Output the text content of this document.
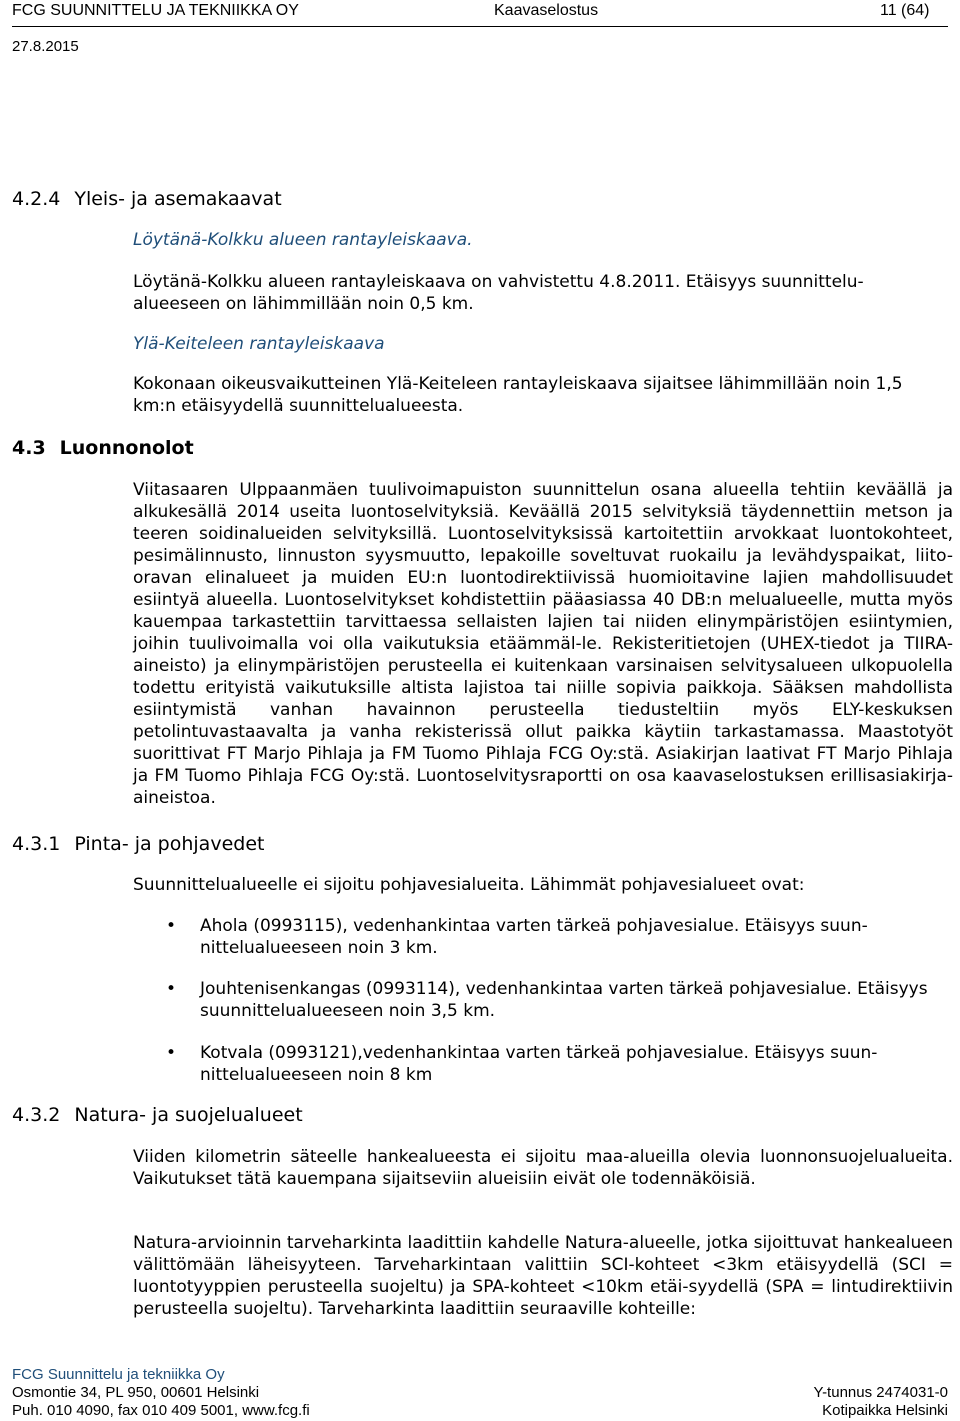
FCG SUUNNITTELU JA TEKNIIKKA OY	Kaavaselostus	11 (64)
27.8.2015
4.2.4 Yleis- ja asemakaavat
Löytänä-Kolkku alueen rantayleiskaava.
Löytänä-Kolkku alueen rantayleiskaava on vahvistettu 4.8.2011. Etäisyys suunnittelu-alueeseen on lähimmillään noin 0,5 km.
Ylä-Keiteleen rantayleiskaava
Kokonaan oikeusvaikutteinen Ylä-Keiteleen rantayleiskaava sijaitsee lähimmillään noin 1,5 km:n etäisyydellä suunnittelualueesta.
4.3 Luonnonolot
Viitasaaren Ulppaanmäen tuulivoimapuiston suunnittelun osana alueella tehtiin keväällä ja alkukesällä 2014 useita luontoselvityksiä. Keväällä 2015 selvityksiä täydennettiin metson ja teeren soidinalueiden selvityksillä. Luontoselvityksissä kartoitettiin arvokkaat luontokohteet, pesimälinnusto, linnuston syysmuutto, lepakoille soveltuvat ruokailu ja levähdyspaikat, liito-oravan elinalueet ja muiden EU:n luontodirektiivissä huomioitavine lajien mahdollisuudet esiintyä alueella. Luontoselvitykset kohdistettiin pääasiassa 40 DB:n melualueelle, mutta myös kauempaa tarkastettiin tarvittaessa sellaisten lajien tai niiden elinympäristöjen esiintymien, joihin tuulivoimalla voi olla vaikutuksia etäämmäl-le. Rekisteritietojen (UHEX-tiedot ja TIIRA-aineisto) ja elinympäristöjen perusteella ei kuitenkaan varsinaisen selvitysalueen ulkopuolella todettu erityistä vaikutuksille altista lajistoa tai niille sopivia paikkoja. Sääksen mahdollista esiintymistä vanhan havainnon perusteella tiedusteltiin myös ELY-keskuksen petolintuvastaavalta ja vanha rekisterissä ollut paikka käytiin tarkastamassa. Maastotyöt suorittivat FT Marjo Pihlaja ja FM Tuomo Pihlaja FCG Oy:stä. Asiakirjan laativat FT Marjo Pihlaja ja FM Tuomo Pihlaja FCG Oy:stä. Luontoselvitysraportti on osa kaavaselostuksen erillisasiakirja-aineistoa.
4.3.1 Pinta- ja pohjavedet
Suunnittelualueelle ei sijoitu pohjavesialueita. Lähimmät pohjavesialueet ovat:
• Ahola (0993115), vedenhankintaa varten tärkeä pohjavesialue. Etäisyys suun-nittelualueeseen noin 3 km.
• Jouhtenisenkangas (0993114), vedenhankintaa varten tärkeä pohjavesialue. Etäisyys suunnittelualueeseen noin 3,5 km.
• Kotvala (0993121),vedenhankintaa varten tärkeä pohjavesialue. Etäisyys suun-nittelualueeseen noin 8 km
4.3.2 Natura- ja suojelualueet
Viiden kilometrin säteelle hankealueesta ei sijoitu maa-alueilla olevia luonnonsuojelualueita. Vaikutukset tätä kauempana sijaitseviin alueisiin eivät ole todennäköisiä.
Natura-arvioinnin tarveharkinta laadittiin kahdelle Natura-alueelle, jotka sijoittuvat hankealueen välittömään läheisyyteen. Tarveharkintaan valittiin SCI-kohteet <3km etäisyydellä (SCI = luontotyyppien perusteella suojeltu) ja SPA-kohteet <10km etäi-syydellä (SPA = lintudirektiivin perusteella suojeltu). Tarveharkinta laadittiin seuraaville kohteille:
FCG Suunnittelu ja tekniikka Oy
Osmontie 34, PL 950, 00601 Helsinki
Puh. 010 4090, fax 010 409 5001, www.fcg.fi
Y-tunnus 2474031-0
Kotipaikka Helsinki
